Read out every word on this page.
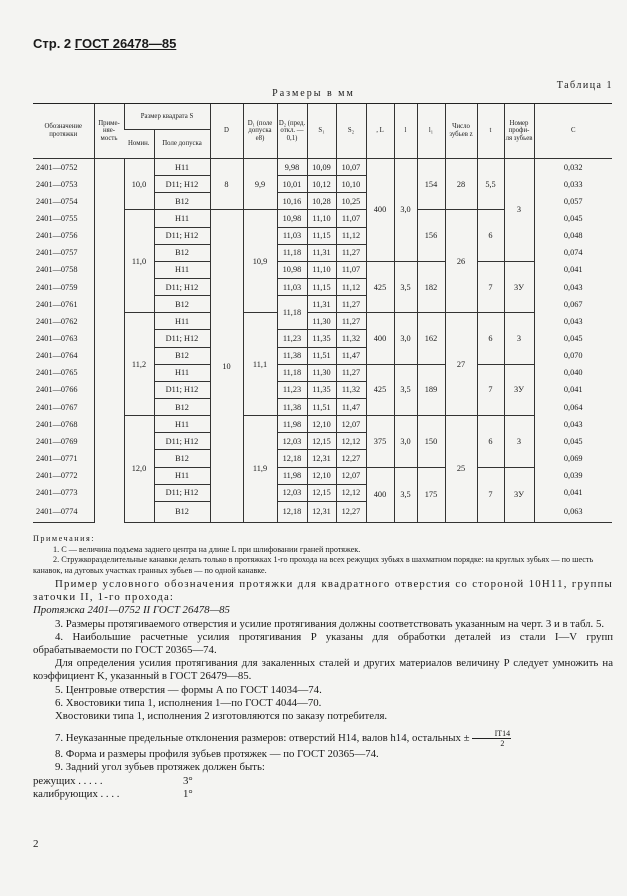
Стр. 2 ГОСТ 26478—85
Таблица 1
Размеры в мм
Обозначение протяжки	Приме-няе-мость	Размер квадрата S		D	D₁ (поле допуска e8)	D₂ (пред. откл. —0,1)	S₁	S₂	, L	l	l₁	Число зубьев z	t	Номер профи-ля зубьев	C
		Номин.	Поле допуска												
2401—0752		10,0	H11	8	9,9	9,98	10,09	10,07	400	3,0	154	28	5,5	3	0,032
2401—0753			D11; H12			10,01	10,12	10,10							0,033
2401—0754			B12			10,16	10,28	10,25							0,057
2401—0755		11,0	H11	10	10,9	10,98	11,10	11,07			156	26	6		0,045
2401—0756			D11; H12			11,03	11,15	11,12							0,048
2401—0757			B12			11,18	11,31	11,27							0,074
2401—0758			H11			10,98	11,10	11,07	425	3,5	182		7	3У	0,041
2401—0759			D11; H12			11,03	11,15	11,12							0,043
2401—0761			B12			11,18	11,31	11,27							0,067
2401—0762		11,2	H11		11,1		11,30	11,27	400	3,0	162	27	6	3	0,043
2401—0763			D11; H12			11,23	11,35	11,32							0,045
2401—0764			B12			11,38	11,51	11,47							0,070
2401—0765			H11			11,18	11,30	11,27	425	3,5	189		7	3У	0,040
2401—0766			D11; H12			11,23	11,35	11,32							0,041
2401—0767			B12			11,38	11,51	11,47							0,064
2401—0768		12,0	H11		11,9	11,98	12,10	12,07	375	3,0	150	25	6	3	0,043
2401—0769			D11; H12			12,03	12,15	12,12							0,045
2401—0771			B12			12,18	12,31	12,27							0,069
2401—0772			H11			11,98	12,10	12,07	400	3,5	175		7	3У	0,039
2401—0773			D11; H12			12,03	12,15	12,12							0,041
2401—0774			B12			12,18	12,31	12,27							0,063
Примечания:

1. C — величина подъема заднего центра на длине L при шлифовании граней протяжек.

2. Стружкоразделительные канавки делать только в протяжках 1-го прохода на всех режущих зубьях в шахматном порядке: на круглых зубьях — по шесть канавок, на дуговых участках гранных зубьев — по одной канавке.

Пример условного обозначения протяжки для квадратного отверстия со стороной 10H11, группы заточки II, 1-го прохода:

Протяжка 2401—0752 II ГОСТ 26478—85

3. Размеры протягиваемого отверстия и усилие протягивания должны соответствовать указанным на черт. 3 и в табл. 5.

4. Наибольшие расчетные усилия протягивания P указаны для обработки деталей из стали I—V групп обрабатываемости по ГОСТ 20365—74.

Для определения усилия протягивания для закаленных сталей и других материалов величину P следует умножить на коэффициент K, указанный в ГОСТ 26479—85.

5. Центровые отверстия — формы А по ГОСТ 14034—74.

6. Хвостовики типа 1, исполнения 1—по ГОСТ 4044—70.

Хвостовики типа 1, исполнения 2 изготовляются по заказу потребителя.

7. Неуказанные предельные отклонения размеров: отверстий H14, валов h14, остальных ± $\frac{IT14}{2}$

8. Форма и размеры профиля зубьев протяжек — по ГОСТ 20365—74.

9. Задний угол зубьев протяжек должен быть:

режущих . . . . .	3°
калибрующих . . . .	1°
2
